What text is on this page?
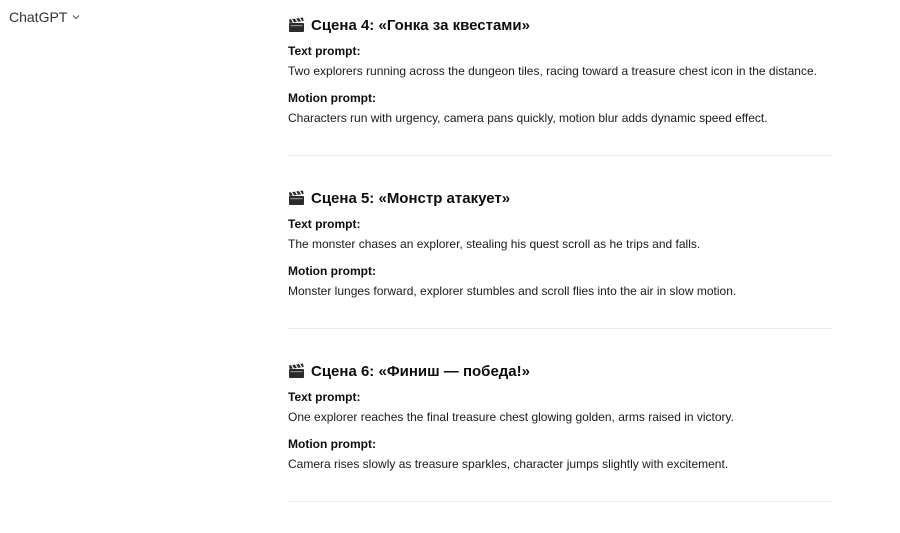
ChatGPT	Сцена 4: «Гонка за квестами»
Text prompt:
Two explorers running across the dungeon tiles, racing toward a treasure chest icon in the distance.
Motion prompt:
Characters run with urgency, camera pans quickly, motion blur adds dynamic speed effect.
Сцена 5: «Монстр атакует»
Text prompt:
The monster chases an explorer, stealing his quest scroll as he trips and falls.
Motion prompt:
Monster lunges forward, explorer stumbles and scroll flies into the air in slow motion.
Сцена 6: «Финиш — победа!»
Text prompt:
One explorer reaches the final treasure chest glowing golden, arms raised in victory.
Motion prompt:
Camera rises slowly as treasure sparkles, character jumps slightly with excitement.
